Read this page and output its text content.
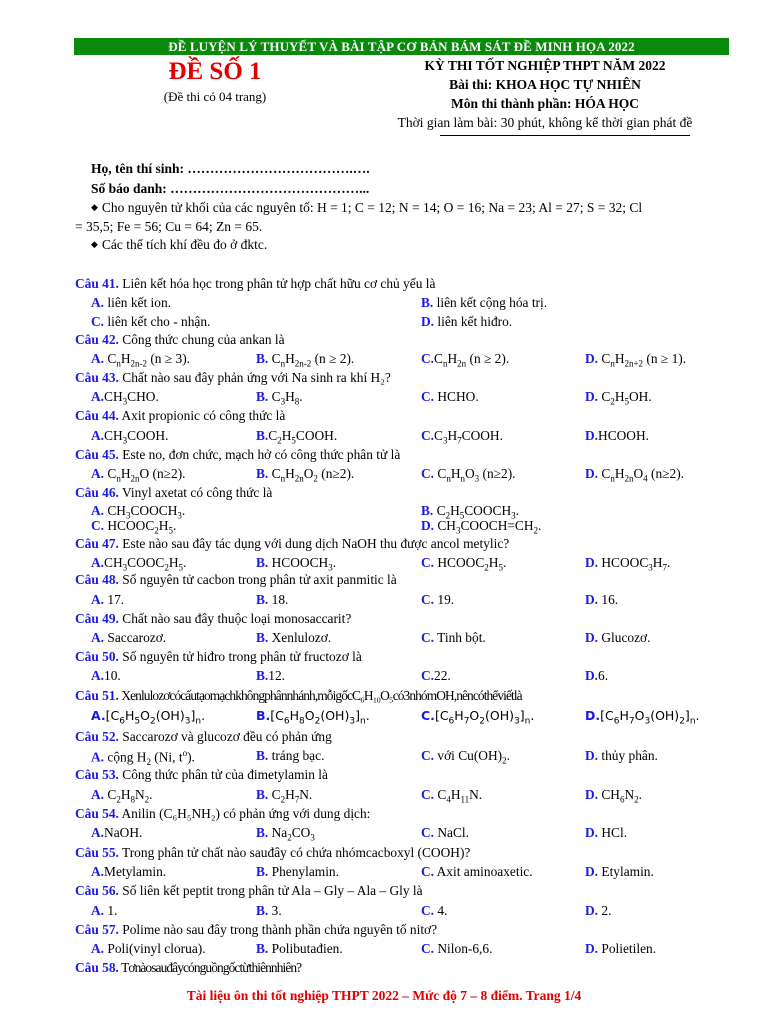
ĐỀ LUYỆN LÝ THUYẾT VÀ BÀI TẬP CƠ BẢN BÁM SÁT ĐỀ MINH HỌA 2022
ĐỀ SỐ 1
(Đề thi có 04 trang)
KỲ THI TỐT NGHIỆP THPT NĂM 2022
Bài thi: KHOA HỌC TỰ NHIÊN
Môn thi thành phần: HÓA HỌC
Thời gian làm bài: 30 phút, không kể thời gian phát đề
Họ, tên thí sinh: ……………………………….….
Số báo danh: ……………………………………...
◆ Cho nguyên tử khối của các nguyên tố: H = 1; C = 12; N = 14; O = 16; Na = 23; Al = 27; S = 32; Cl
= 35,5; Fe = 56; Cu = 64; Zn = 65.
◆ Các thể tích khí đều đo ở đktc.
Câu 41. Liên kết hóa học trong phân tử hợp chất hữu cơ chủ yếu là
A. liên kết ion.	B. liên kết cộng hóa trị.
C. liên kết cho - nhận.	D. liên kết hiđro.
Câu 42. Công thức chung của ankan là
A. $C_nH_{2n-2}$ (n ≥ 3).	B. $C_nH_{2n-2}$ (n ≥ 2).	$C.C_nH_{2n}$ (n ≥ 2).	D. $C_nH_{2n+2}$ (n ≥ 1).
Câu 43. Chất nào sau đây phản ứng với Na sinh ra khí H₂?
$A.CH_3CHO$.	B. $C_3H_8$.	C. HCHO.	D. $C_2H_5OH$.
Câu 44. Axit propionic có công thức là
$A.CH_3COOH$.	$B.C_2H_5COOH$.	$C.C_3H_7COOH$.	D.HCOOH.
Câu 45. Este no, đơn chức, mạch hở có công thức phân tử là
A. $C_nH_{2n}O$ (n≥2).	B. $C_nH_{2n}O_2$ (n≥2).	C. $C_nH_nO_3$ (n≥2).	D. $C_nH_{2n}O_4$ (n≥2).
Câu 46. Vinyl axetat có công thức là
A. $CH_3COOCH_3$.	B. $C_2H_5COOCH_3$.
C. $HCOOC_2H_5$.	D. $CH_3COOCH=CH_2$.
Câu 47. Este nào sau đây tác dụng với dung dịch NaOH thu được ancol metylic?
$A.CH_3COOC_2H_5$.	B. $HCOOCH_3$.	C. $HCOOC_2H_5$.	D. $HCOOC_3H_7$.
Câu 48. Số nguyên tử cacbon trong phân tử axit panmitic là
A. 17.	B. 18.	C. 19.	D. 16.
Câu 49. Chất nào sau đây thuộc loại monosaccarit?
A. Saccarozơ.	B. Xenlulozơ.	C. Tinh bột.	D. Glucozơ.
Câu 50. Số nguyên tử hiđro trong phân tử fructozơ là
A.10.	B.12.	C.22.	D.6.
Câu 51. Xenlulozơcócấutạomạchkhôngphânnhánh,mỗigốcC₆H₁₀O₅có3nhómOH,nêncóthểviếtlà
$A.[C_6H_5O_2(OH)_3]_n$.	$B.[C_6H_8O_2(OH)_3]_n$.	$C.[C_6H_7O_2(OH)_3]_n$.	$D.[C_6H_7O_3(OH)_2]_n$.
Câu 52. Saccarozơ và glucozơ đều có phản ứng
A. cộng $H_2$ (Ni, $t^o$).	B. tráng bạc.	C. với $Cu(OH)_2$.	D. thủy phân.
Câu 53. Công thức phân tử của đimetylamin là
A. $C_2H_8N_2$.	B. $C_2H_7N$.	C. $C_4H_{11}N$.	D. $CH_6N_2$.
Câu 54. Anilin (C₆H₅NH₂) có phản ứng với dung dịch:
A.NaOH.	B. $Na_2CO_3$	C. NaCl.	D. HCl.
Câu 55. Trong phân tử chất nào sauđây có chứa nhómcacboxyl (COOH)?
A.Metylamin.	B. Phenylamin.	C. Axit aminoaxetic.	D. Etylamin.
Câu 56. Số liên kết peptit trong phân tử Ala – Gly – Ala – Gly là
A. 1.	B. 3.	C. 4.	D. 2.
Câu 57. Polime nào sau đây trong thành phần chứa nguyên tố nitơ?
A. Poli(vinyl clorua).	B. Polibutađien.	C. Nilon-6,6.	D. Polietilen.
Câu 58. Tơnàosauđâycónguồngốctừthiênnhiên?
Tài liệu ôn thi tốt nghiệp THPT 2022 – Mức độ 7 – 8 điểm. Trang 1/4
